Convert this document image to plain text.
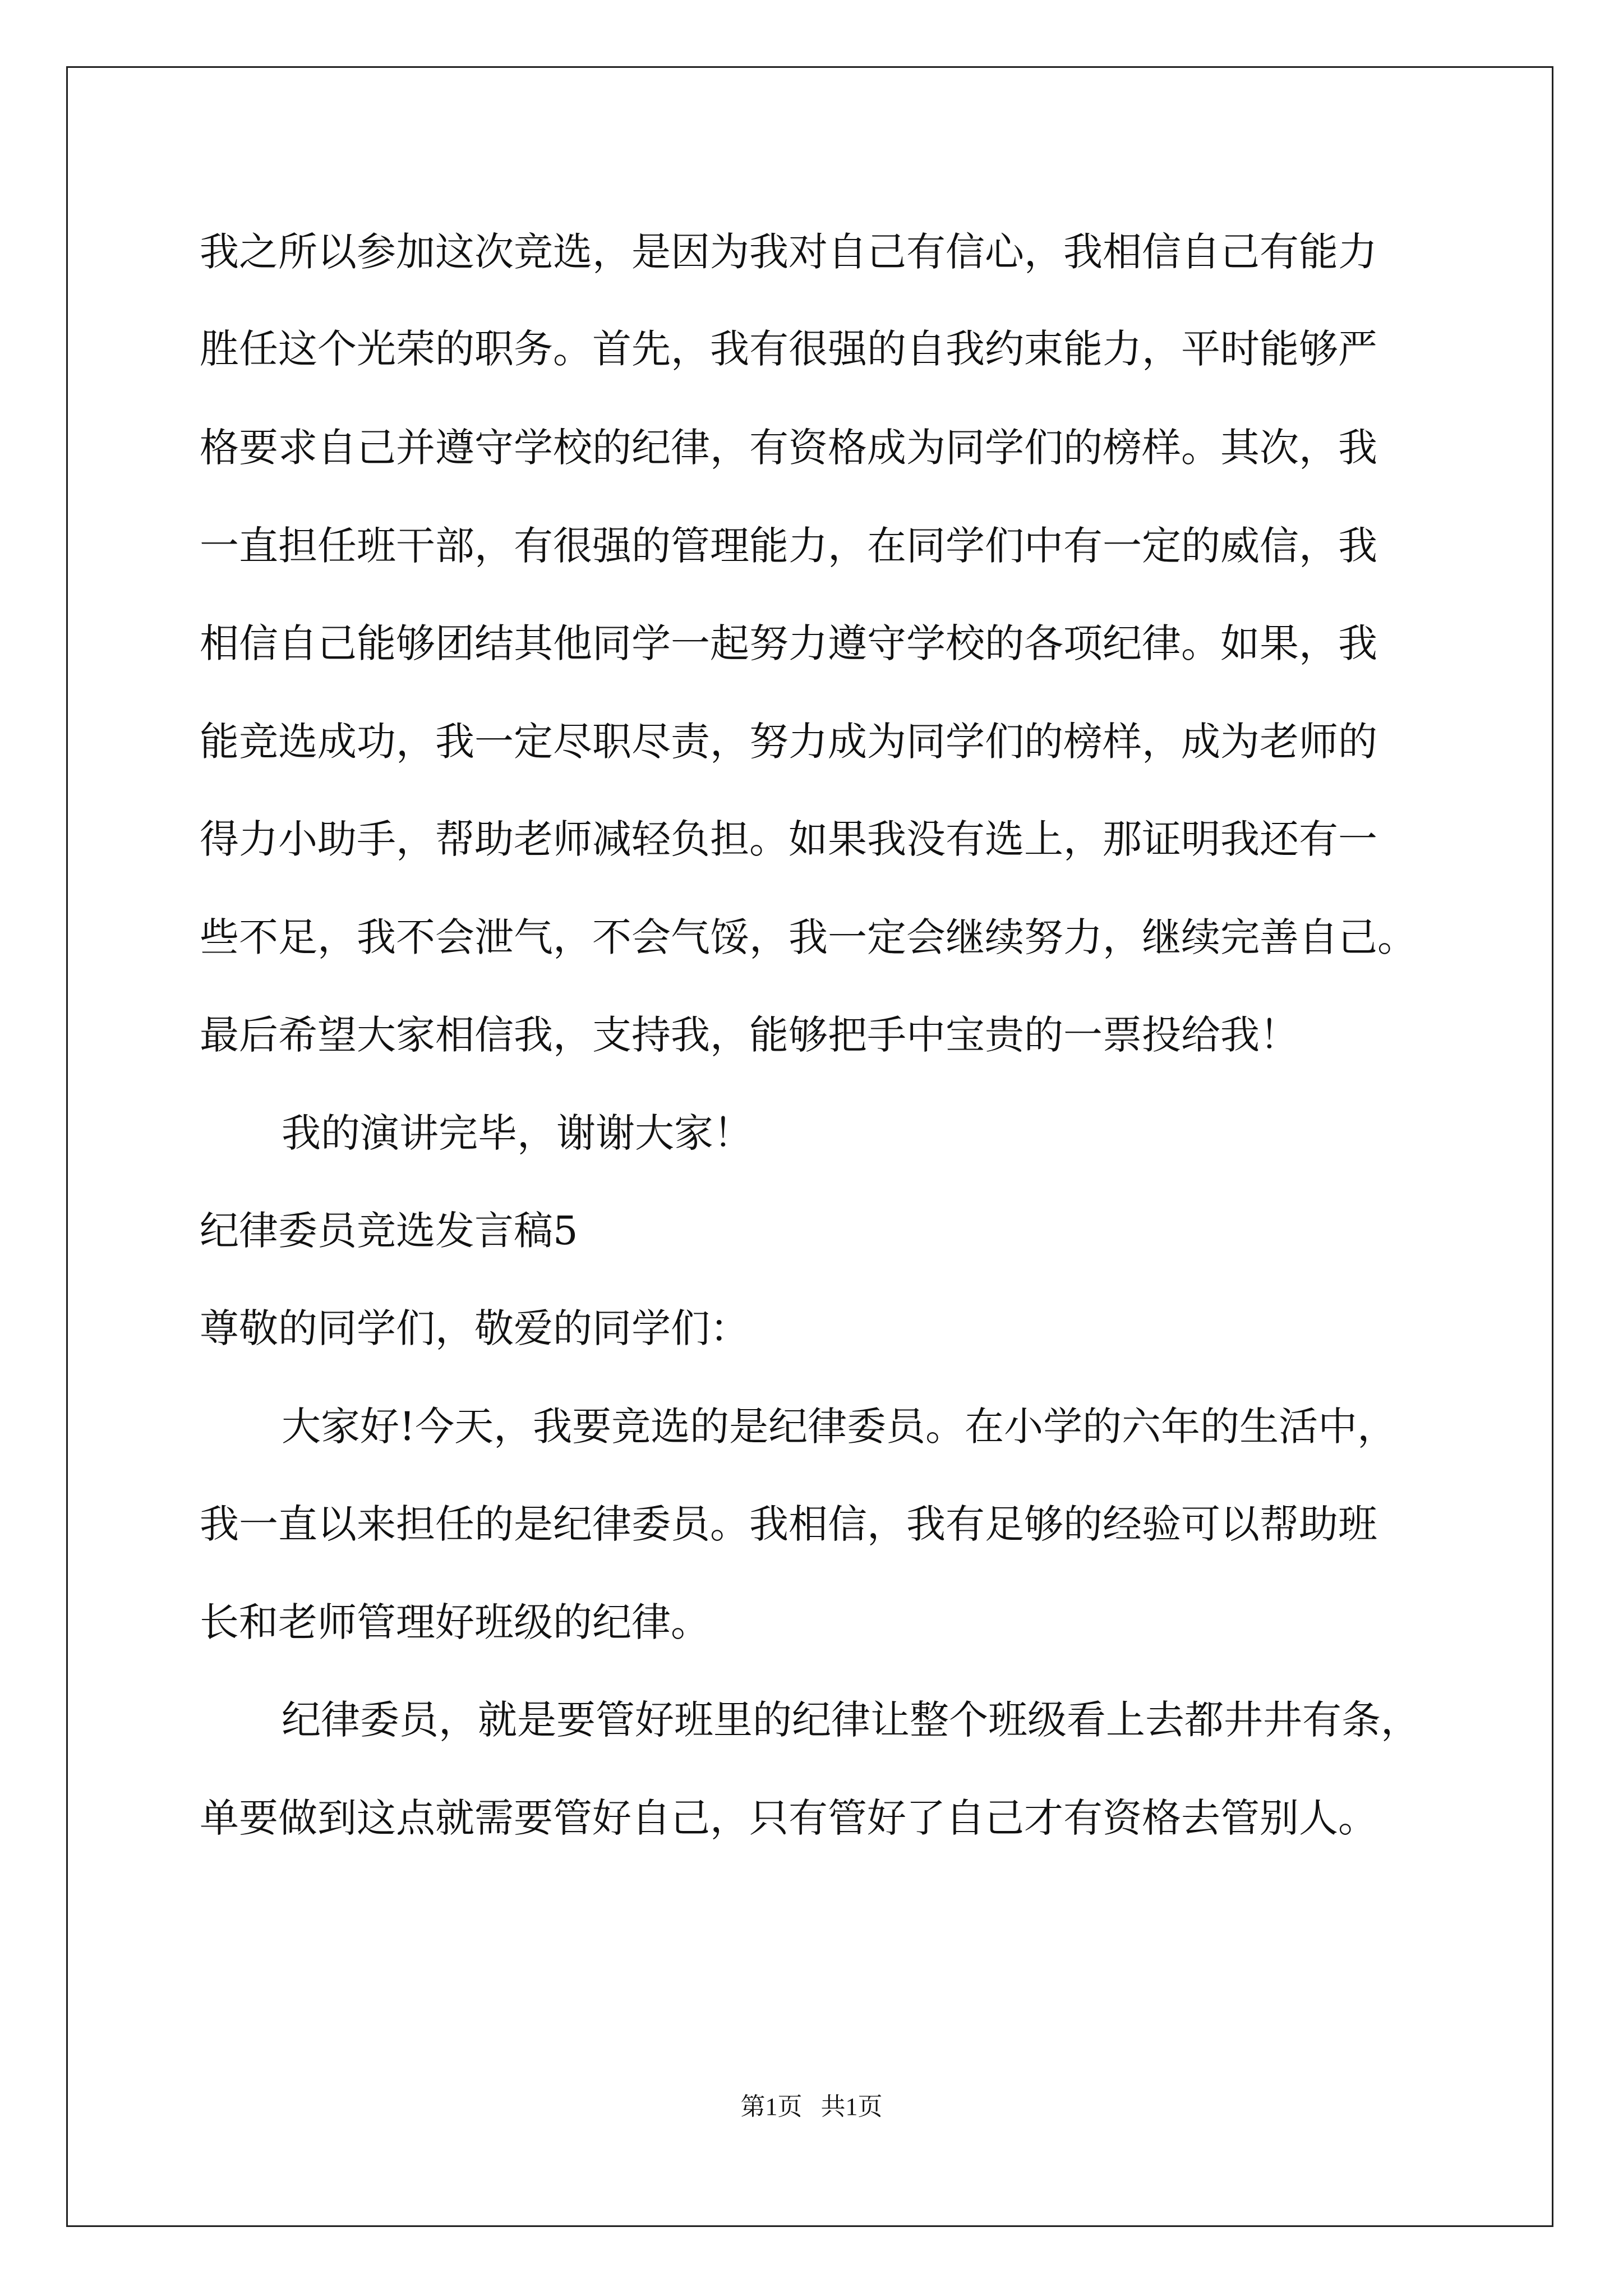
我之所以参加这次竞选，是因为我对自己有信心，我相信自己有能力

胜任这个光荣的职务。首先，我有很强的自我约束能力，平时能够严

格要求自己并遵守学校的纪律，有资格成为同学们的榜样。其次，我

一直担任班干部，有很强的管理能力，在同学们中有一定的威信，我

相信自己能够团结其他同学一起努力遵守学校的各项纪律。如果，我

能竞选成功，我一定尽职尽责，努力成为同学们的榜样，成为老师的

得力小助手，帮助老师减轻负担。如果我没有选上，那证明我还有一

些不足，我不会泄气，不会气馁，我一定会继续努力，继续完善自己。

最后希望大家相信我，支持我，能够把手中宝贵的一票投给我！

我的演讲完毕，谢谢大家！

纪律委员竞选发言稿5

尊敬的同学们，敬爱的同学们：

大家好!今天，我要竞选的是纪律委员。在小学的六年的生活中，

我一直以来担任的是纪律委员。我相信，我有足够的经验可以帮助班

长和老师管理好班级的纪律。

纪律委员，就是要管好班里的纪律让整个班级看上去都井井有条，

单要做到这点就需要管好自己，只有管好了自己才有资格去管别人。

第1页   共1页
